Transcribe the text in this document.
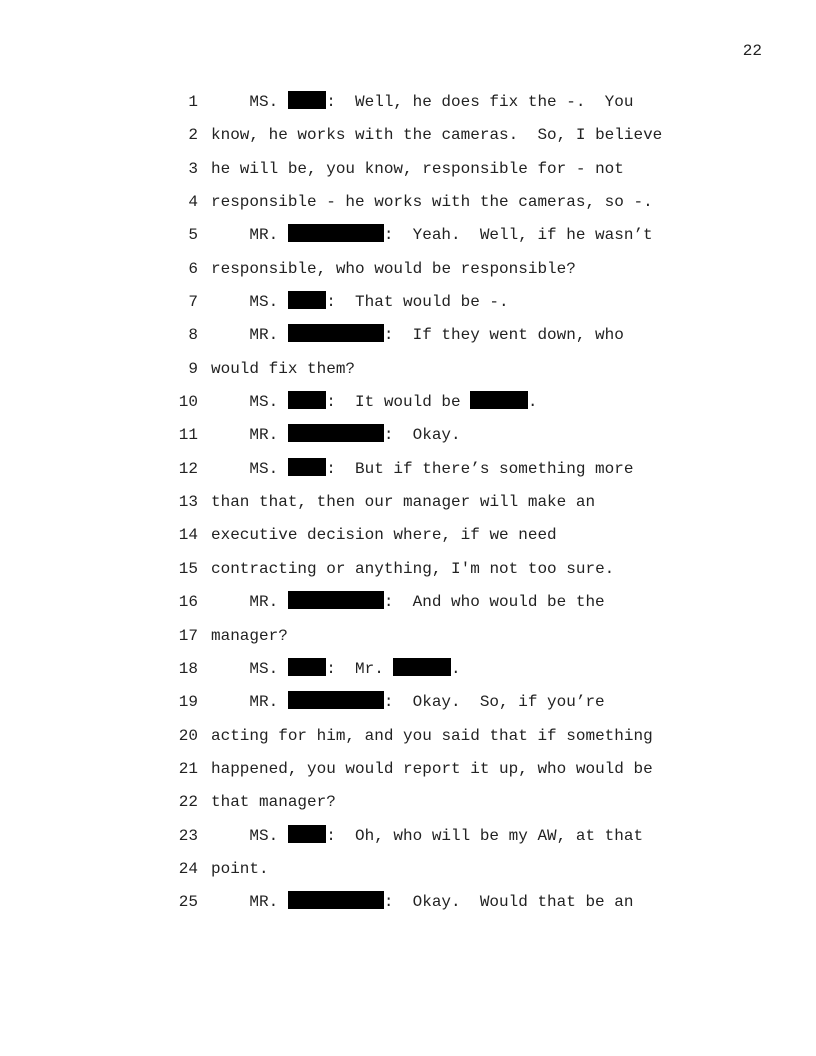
22
1 MS. :  Well, he does fix the -.  You
2 know, he works with the cameras.  So, I believe
3 he will be, you know, responsible for - not
4 responsible - he works with the cameras, so -.
5 MR.	:  Yeah.  Well, if he wasn’t
6 responsible, who would be responsible?
7 MS. :  That would be -.
8 MR.	:  If they went down, who
9 would fix them?
10 MS. :  It would be	.
11 MR.	:  Okay.
12 MS. :  But if there’s something more
13 than that, then our manager will make an
14 executive decision where, if we need
15 contracting or anything, I'm not too sure.
16 MR.	:  And who would be the
17 manager?
18 MS. :  Mr.	.
19 MR.	:  Okay.  So, if you’re
20 acting for him, and you said that if something
21 happened, you would report it up, who would be
22 that manager?
23 MS. :  Oh, who will be my AW, at that
24 point.
25 MR.	:  Okay.  Would that be an
